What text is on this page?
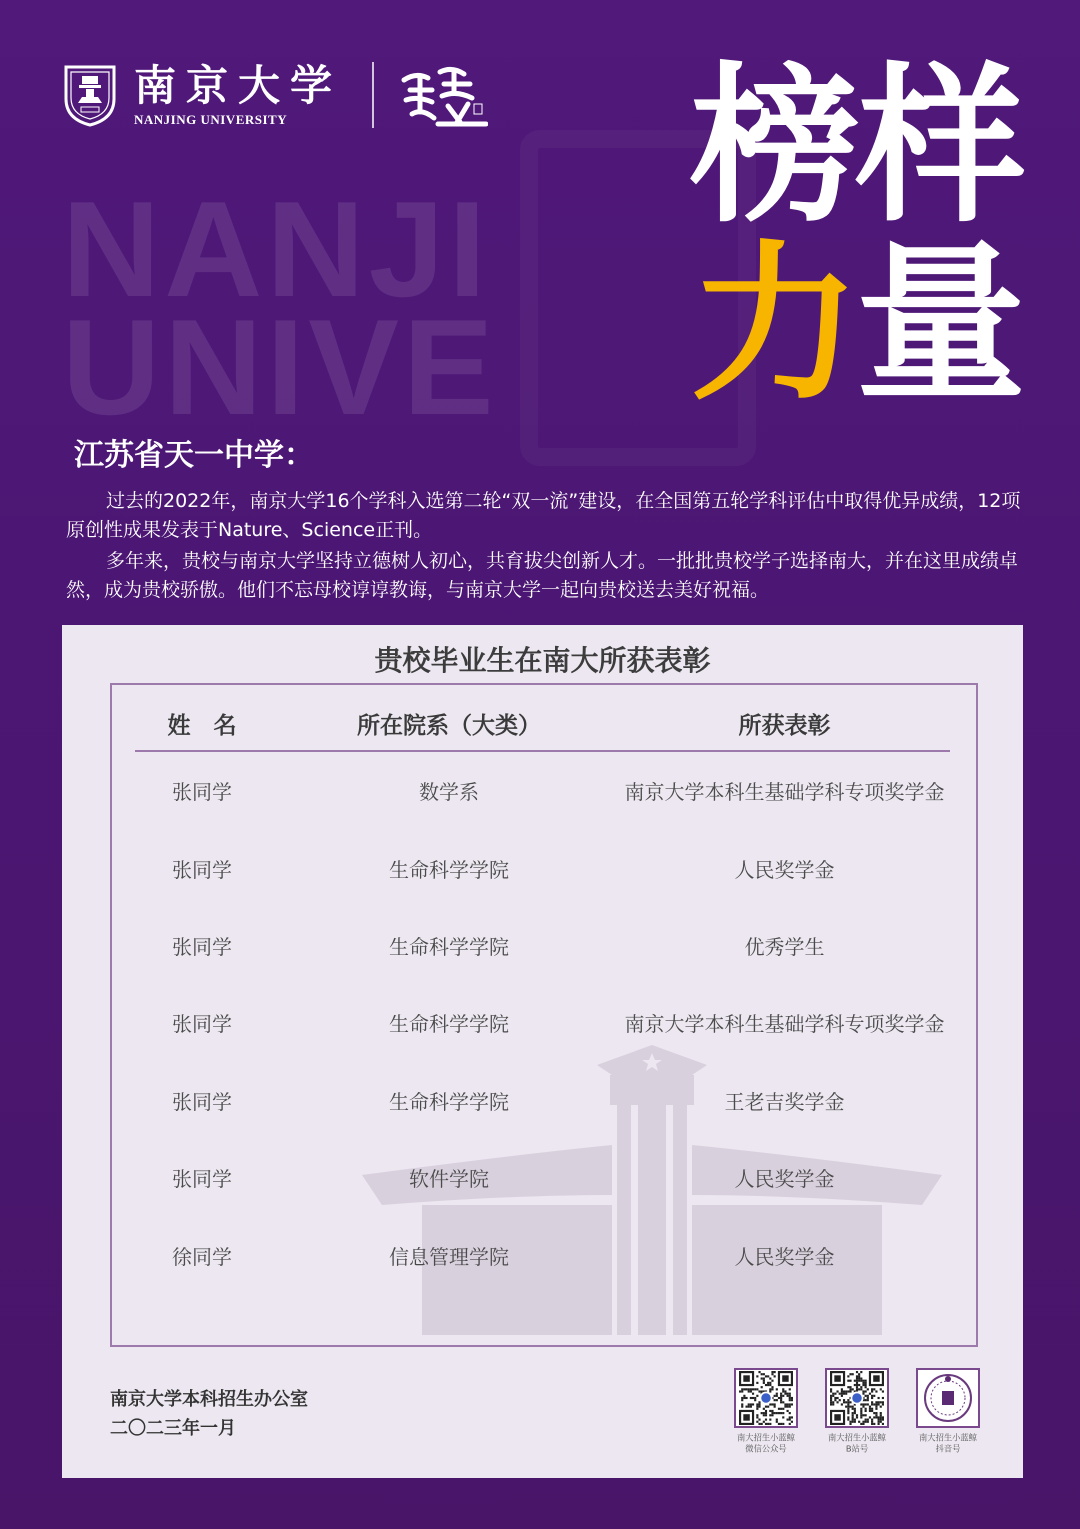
NANJI
UNIVE
南京大学
NANJING UNIVERSITY	榜样
力量
江苏省天一中学：
过去的2022年，南京大学16个学科入选第二轮“双一流”建设，在全国第五轮学科评估中取得优异成绩，12项原创性成果发表于Nature、Science正刊。
多年来，贵校与南京大学坚持立德树人初心，共育拔尖创新人才。一批批贵校学子选择南大，并在这里成绩卓然，成为贵校骄傲。他们不忘母校谆谆教诲，与南京大学一起向贵校送去美好祝福。
贵校毕业生在南大所获表彰
姓　名	所在院系（大类）	所获表彰
张同学	数学系	南京大学本科生基础学科专项奖学金
张同学	生命科学学院	人民奖学金
张同学	生命科学学院	优秀学生
张同学	生命科学学院	南京大学本科生基础学科专项奖学金
张同学	生命科学学院	王老吉奖学金
张同学	软件学院	人民奖学金
徐同学	信息管理学院	人民奖学金
南京大学本科招生办公室
二〇二三年一月	南大招生小蓝鲸
微信公众号
南大招生小蓝鲸
B站号
南大招生小蓝鲸
抖音号
